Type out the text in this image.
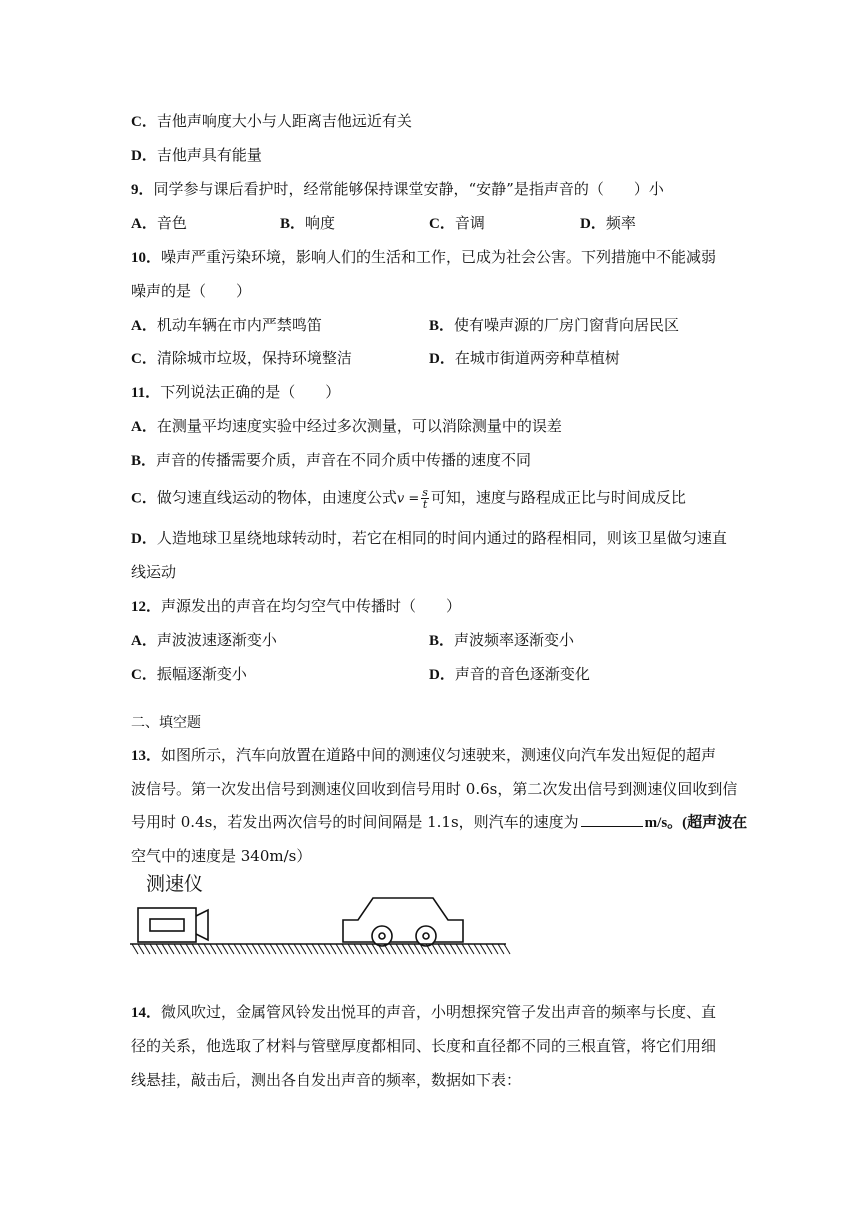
C．吉他声响度大小与人距离吉他远近有关
D．吉他声具有能量
9．同学参与课后看护时，经常能够保持课堂安静，“安静”是指声音的（　　）小
A．音色	B．响度	C．音调	D．频率
10．噪声严重污染环境，影响人们的生活和工作，已成为社会公害。下列措施中不能减弱
噪声的是（　　）
A．机动车辆在市内严禁鸣笛	B．使有噪声源的厂房门窗背向居民区
C．清除城市垃圾，保持环境整洁	D．在城市街道两旁种草植树
11．下列说法正确的是（　　）
A．在测量平均速度实验中经过多次测量，可以消除测量中的误差
B．声音的传播需要介质，声音在不同介质中传播的速度不同
C．做匀速直线运动的物体，由速度公式$v = \frac{s}{t}$ 可知，速度与路程成正比与时间成反比
D．人造地球卫星绕地球转动时，若它在相同的时间内通过的路程相同，则该卫星做匀速直
线运动
12．声源发出的声音在均匀空气中传播时（　　）
A．声波波速逐渐变小	B．声波频率逐渐变小
C．振幅逐渐变小	D．声音的音色逐渐变化
二、填空题
13．如图所示，汽车向放置在道路中间的测速仪匀速驶来，测速仪向汽车发出短促的超声
波信号。第一次发出信号到测速仪回收到信号用时 0.6s，第二次发出信号到测速仪回收到信
号用时 0.4s，若发出两次信号的时间间隔是 1.1s，则汽车的速度为	m/s。(超声波在
空气中的速度是 340m/s）
测速仪
14．微风吹过，金属管风铃发出悦耳的声音，小明想探究管子发出声音的频率与长度、直
径的关系，他选取了材料与管壁厚度都相同、长度和直径都不同的三根直管，将它们用细
线悬挂，敲击后，测出各自发出声音的频率，数据如下表：
